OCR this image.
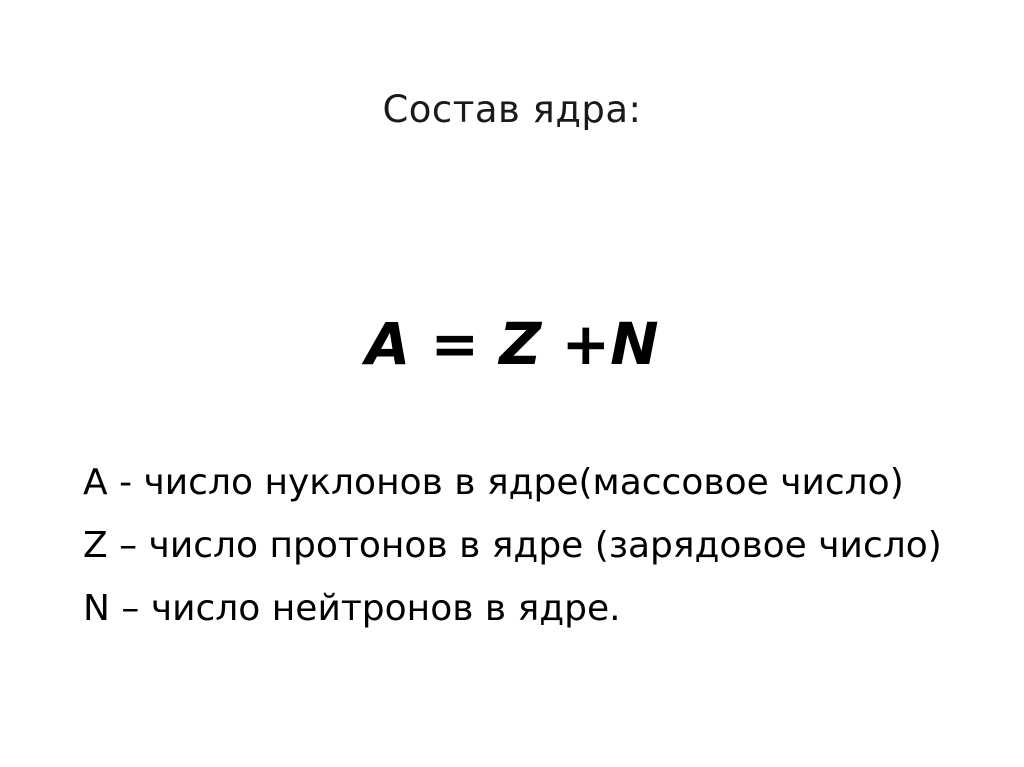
Состав ядра:
A = Z +N
А - число нуклонов в ядре(массовое число)
Z – число протонов в ядре (зарядовое число)
N – число нейтронов в ядре.
